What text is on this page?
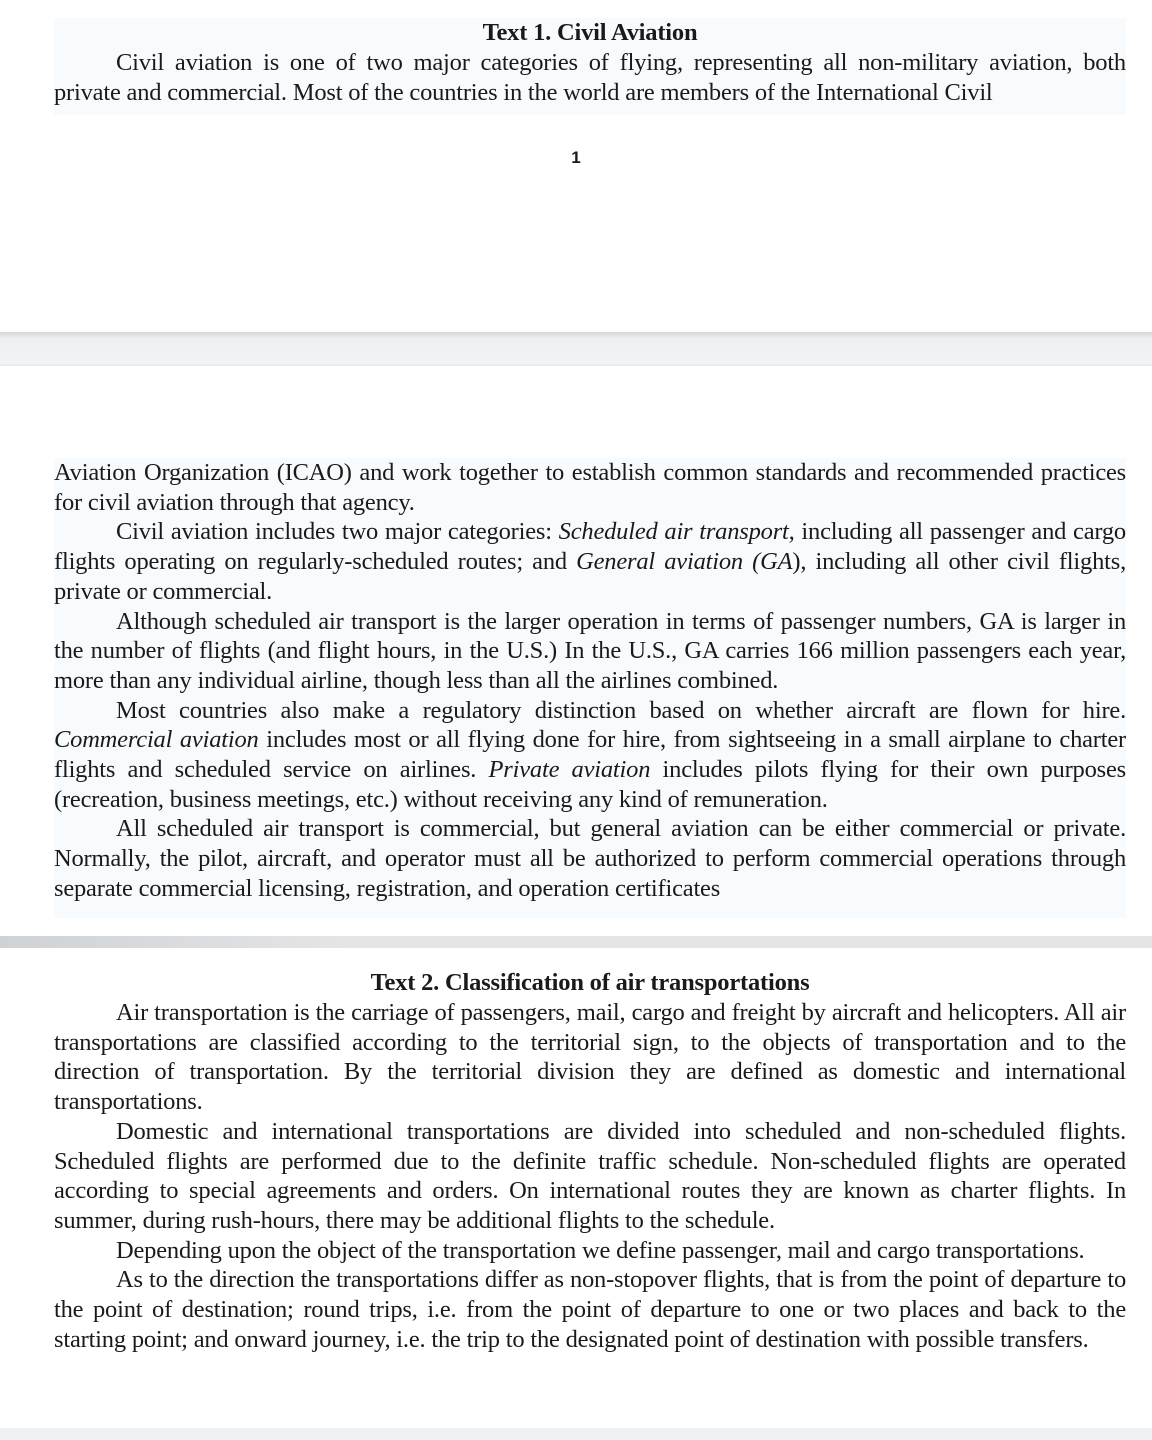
Text 1. Civil Aviation

Civil aviation is one of two major categories of flying, representing all non-military aviation, both private and commercial. Most of the countries in the world are members of the International Civil

1

Aviation Organization (ICAO) and work together to establish common standards and recommended practices for civil aviation through that agency.

Civil aviation includes two major categories: Scheduled air transport, including all passenger and cargo flights operating on regularly-scheduled routes; and General aviation (GA), including all other civil flights, private or commercial.

Although scheduled air transport is the larger operation in terms of passenger numbers, GA is larger in the number of flights (and flight hours, in the U.S.) In the U.S., GA carries 166 million passengers each year, more than any individual airline, though less than all the airlines combined.

Most countries also make a regulatory distinction based on whether aircraft are flown for hire. Commercial aviation includes most or all flying done for hire, from sightseeing in a small airplane to charter flights and scheduled service on airlines. Private aviation includes pilots flying for their own purposes (recreation, business meetings, etc.) without receiving any kind of remuneration.

All scheduled air transport is commercial, but general aviation can be either commercial or private. Normally, the pilot, aircraft, and operator must all be authorized to perform commercial operations through separate commercial licensing, registration, and operation certificates

Text 2. Classification of air transportations

Air transportation is the carriage of passengers, mail, cargo and freight by aircraft and helicopters. All air transportations are classified according to the territorial sign, to the objects of transportation and to the direction of transportation. By the territorial division they are defined as domestic and international transportations.

Domestic and international transportations are divided into scheduled and non-scheduled flights. Scheduled flights are performed due to the definite traffic schedule. Non-scheduled flights are operated according to special agreements and orders. On international routes they are known as charter flights. In summer, during rush-hours, there may be additional flights to the schedule.

Depending upon the object of the transportation we define passenger, mail and cargo transportations.

As to the direction the transportations differ as non-stopover flights, that is from the point of departure to the point of destination; round trips, i.e. from the point of departure to one or two places and back to the starting point; and onward journey, i.e. the trip to the designated point of destination with possible transfers.
